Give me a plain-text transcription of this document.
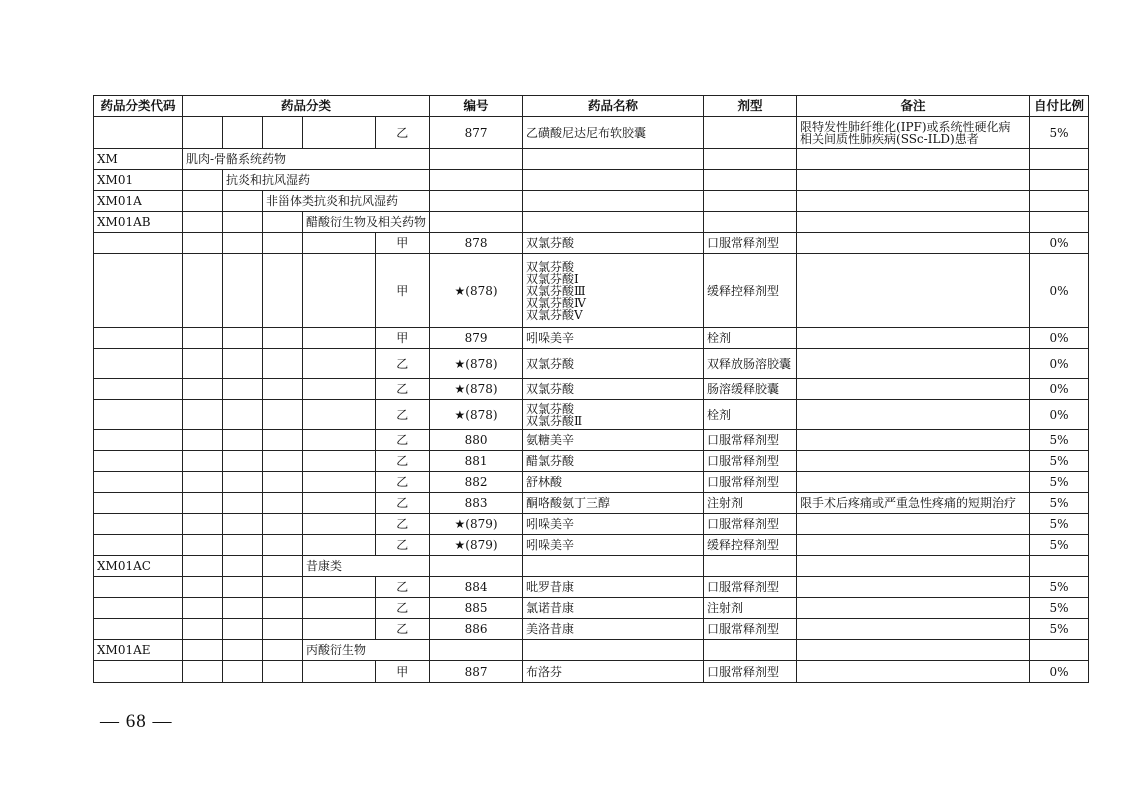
药品分类代码	药品分类					编号	药品名称	剂型	备注	自付比例
					乙	877	乙磺酸尼达尼布软胶囊		限特发性肺纤维化(IPF)或系统性硬化病
相关间质性肺疾病(SSc-ILD)患者	5%
XM	肌肉-骨骼系统药物									
XM01		抗炎和抗风湿药								
XM01A			非甾体类抗炎和抗风湿药							
XM01AB				醋酸衍生物及相关药物						
					甲	878	双氯芬酸	口服常释剂型		0%
					甲	★(878)	双氯芬酸
双氯芬酸Ⅰ
双氯芬酸Ⅲ
双氯芬酸Ⅳ
双氯芬酸Ⅴ	缓释控释剂型		0%
					甲	879	吲哚美辛	栓剂		0%
					乙	★(878)	双氯芬酸	双释放肠溶胶囊		0%
					乙	★(878)	双氯芬酸	肠溶缓释胶囊		0%
					乙	★(878)	双氯芬酸
双氯芬酸Ⅱ	栓剂		0%
					乙	880	氨糖美辛	口服常释剂型		5%
					乙	881	醋氯芬酸	口服常释剂型		5%
					乙	882	舒林酸	口服常释剂型		5%
					乙	883	酮咯酸氨丁三醇	注射剂	限手术后疼痛或严重急性疼痛的短期治疗	5%
					乙	★(879)	吲哚美辛	口服常释剂型		5%
					乙	★(879)	吲哚美辛	缓释控释剂型		5%
XM01AC				昔康类						
					乙	884	吡罗昔康	口服常释剂型		5%
					乙	885	氯诺昔康	注射剂		5%
					乙	886	美洛昔康	口服常释剂型		5%
XM01AE				丙酸衍生物						
					甲	887	布洛芬	口服常释剂型		0%
— 68 —
